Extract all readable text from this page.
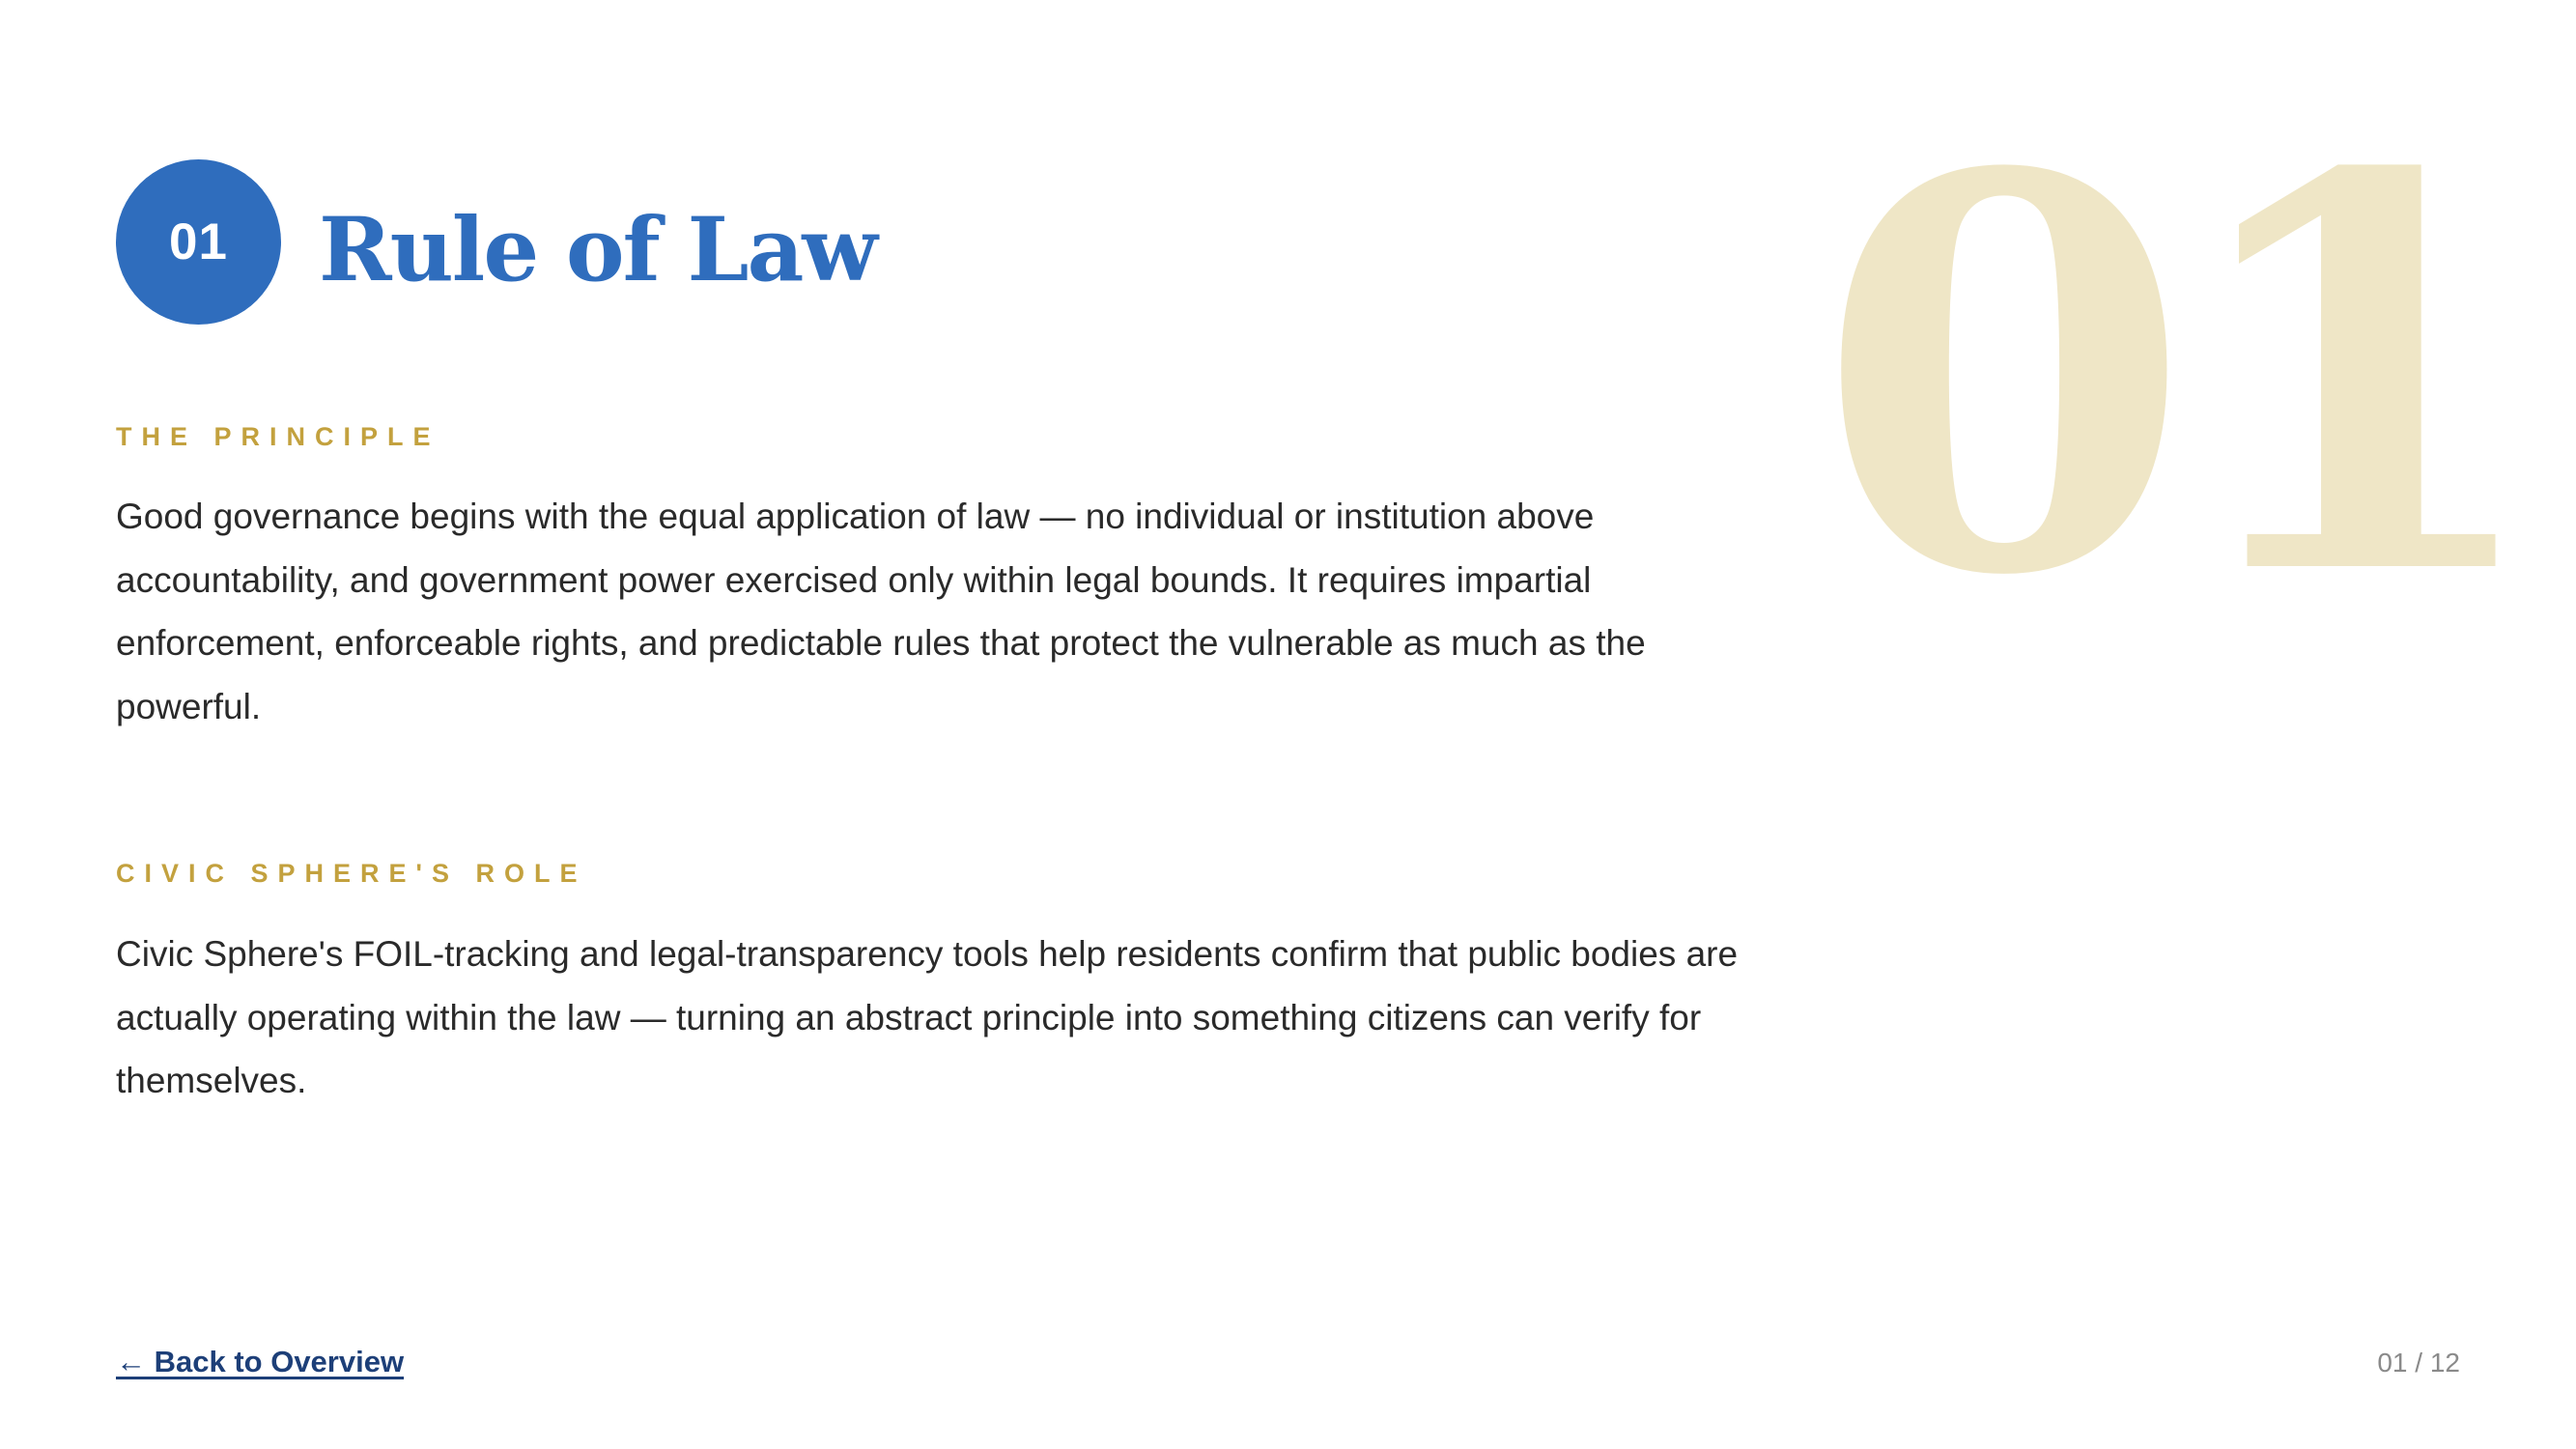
01	Rule of Law 01
THE PRINCIPLE

Good governance begins with the equal application of law — no individual or institution above accountability, and government power exercised only within legal bounds. It requires impartial enforcement, enforceable rights, and predictable rules that protect the vulnerable as much as the powerful.

CIVIC SPHERE'S ROLE

Civic Sphere's FOIL-tracking and legal-transparency tools help residents confirm that public bodies are actually operating within the law — turning an abstract principle into something citizens can verify for themselves.

← Back to Overview	01 / 12
